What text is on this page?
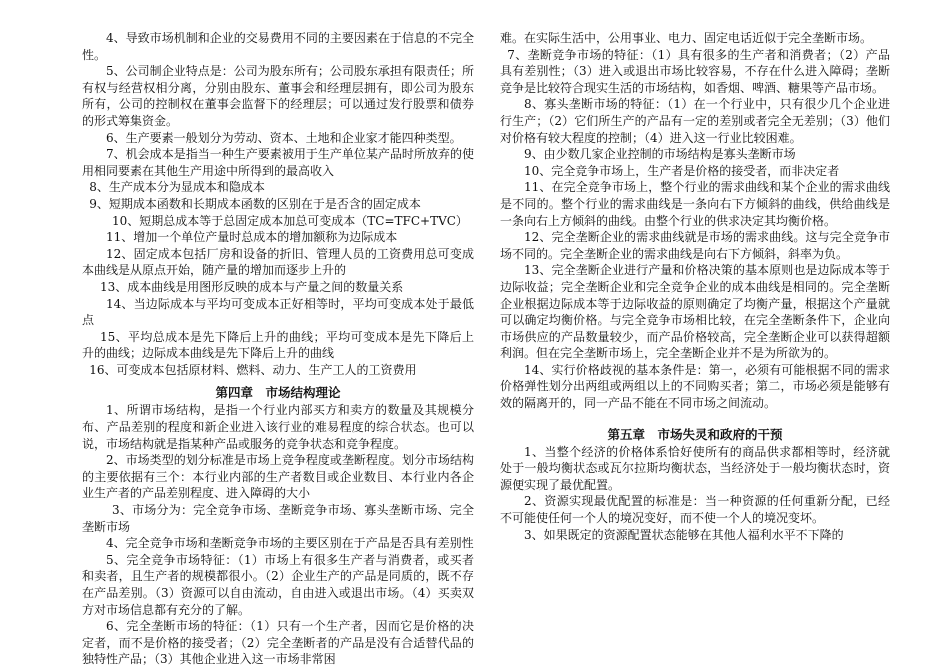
4、导致市场机制和企业的交易费用不同的主要因素在于信息的不完全性。

5、公司制企业特点是：公司为股东所有；公司股东承担有限责任；所有权与经营权相分离，分别由股东、董事会和经理层拥有，即公司为股东所有，公司的控制权在董事会监督下的经理层；可以通过发行股票和债券的形式筹集资金。

6、生产要素一般划分为劳动、资本、土地和企业家才能四种类型。

7、机会成本是指当一种生产要素被用于生产单位某产品时所放弃的使用相同要素在其他生产用途中所得到的最高收入

8、生产成本分为显成本和隐成本

9、短期成本函数和长期成本函数的区别在于是否含的固定成本

10、短期总成本等于总固定成本加总可变成本（TC=TFC+TVC）

11、增加一个单位产量时总成本的增加额称为边际成本

12、固定成本包括厂房和设备的折旧、管理人员的工资费用总可变成本曲线是从原点开始，随产量的增加而逐步上升的

13、成本曲线是用图形反映的成本与产量之间的数量关系

14、当边际成本与平均可变成本正好相等时，平均可变成本处于最低点

15、平均总成本是先下降后上升的曲线；平均可变成本是先下降后上升的曲线；边际成本曲线是先下降后上升的曲线

16、可变成本包括原材料、燃料、动力、生产工人的工资费用

第四章　市场结构理论

1、所谓市场结构，是指一个行业内部买方和卖方的数量及其规模分布、产品差别的程度和新企业进入该行业的难易程度的综合状态。也可以说，市场结构就是指某种产品或服务的竞争状态和竞争程度。

2、市场类型的划分标准是市场上竞争程度或垄断程度。划分市场结构的主要依据有三个：本行业内部的生产者数目或企业数目、本行业内各企业生产者的产品差别程度、进入障碍的大小

3、市场分为：完全竞争市场、垄断竞争市场、寡头垄断市场、完全垄断市场

4、完全竞争市场和垄断竞争市场的主要区别在于产品是否具有差别性

5、完全竞争市场特征：（1）市场上有很多生产者与消费者，或买者和卖者，且生产者的规模都很小。（2）企业生产的产品是同质的，既不存在产品差别。（3）资源可以自由流动，自由进入或退出市场。（4）买卖双方对市场信息都有充分的了解。

6、完全垄断市场的特征：（1）只有一个生产者，因而它是价格的决定者，而不是价格的接受者；（2）完全垄断者的产品是没有合适替代品的独特性产品；（3）其他企业进入这一市场非常困

难。在实际生活中，公用事业、电力、固定电话近似于完全垄断市场。

7、垄断竞争市场的特征：（1）具有很多的生产者和消费者；（2）产品具有差别性；（3）进入或退出市场比较容易，不存在什么进入障碍；垄断竞争是比较符合现实生活的市场结构，如香烟、啤酒、糖果等产品市场。

8、寡头垄断市场的特征：（1）在一个行业中，只有很少几个企业进行生产；（2）它们所生产的产品有一定的差别或者完全无差别；（3）他们对价格有较大程度的控制；（4）进入这一行业比较困难。

9、由少数几家企业控制的市场结构是寡头垄断市场

10、完全竞争市场上，生产者是价格的接受者，而非决定者

11、在完全竞争市场上，整个行业的需求曲线和某个企业的需求曲线是不同的。整个行业的需求曲线是一条向右下方倾斜的曲线，供给曲线是一条向右上方倾斜的曲线。由整个行业的供求决定其均衡价格。

12、完全垄断企业的需求曲线就是市场的需求曲线。这与完全竞争市场不同的。完全垄断企业的需求曲线是向右下方倾斜，斜率为负。

13、完全垄断企业进行产量和价格决策的基本原则也是边际成本等于边际收益；完全垄断企业和完全竞争企业的成本曲线是相同的。完全垄断企业根据边际成本等于边际收益的原则确定了均衡产量，根据这个产量就可以确定均衡价格。与完全竞争市场相比较，在完全垄断条件下，企业向市场供应的产品数量较少，而产品价格较高，完全垄断企业可以获得超额利润。但在完全垄断市场上，完全垄断企业并不是为所欲为的。

14、实行价格歧视的基本条件是：第一，必须有可能根据不同的需求价格弹性划分出两组或两组以上的不同购买者；第二，市场必须是能够有效的隔离开的，同一产品不能在不同市场之间流动。

第五章　市场失灵和政府的干预

1、当整个经济的价格体系恰好使所有的商品供求都相等时，经济就处于一般均衡状态或瓦尔拉斯均衡状态，当经济处于一般均衡状态时，资源便实现了最优配置。

2、资源实现最优配置的标准是：当一种资源的任何重新分配，已经不可能使任何一个人的境况变好，而不使一个人的境况变坏。

3、如果既定的资源配置状态能够在其他人福利水平不下降的
